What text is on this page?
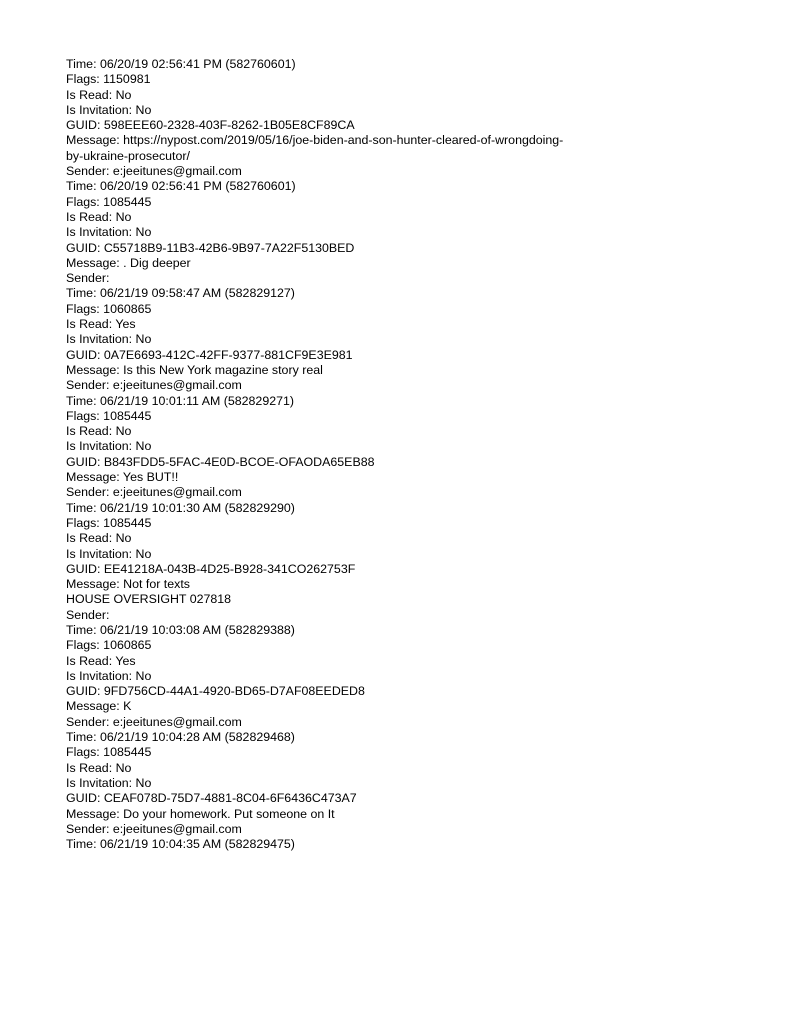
Time: 06/20/19 02:56:41 PM (582760601)
Flags: 1150981
Is Read: No
Is Invitation: No
GUID: 598EEE60-2328-403F-8262-1B05E8CF89CA
Message: https://nypost.com/2019/05/16/joe-biden-and-son-hunter-cleared-of-wrongdoing-
by-ukraine-prosecutor/
Sender: e:jeeitunes@gmail.com
Time: 06/20/19 02:56:41 PM (582760601)
Flags: 1085445
Is Read: No
Is Invitation: No
GUID: C55718B9-11B3-42B6-9B97-7A22F5130BED
Message: . Dig deeper
Sender:
Time: 06/21/19 09:58:47 AM (582829127)
Flags: 1060865
Is Read: Yes
Is Invitation: No
GUID: 0A7E6693-412C-42FF-9377-881CF9E3E981
Message: Is this New York magazine story real
Sender: e:jeeitunes@gmail.com
Time: 06/21/19 10:01:11 AM (582829271)
Flags: 1085445
Is Read: No
Is Invitation: No
GUID: B843FDD5-5FAC-4E0D-BCOE-OFAODA65EB88
Message: Yes BUT!!
Sender: e:jeeitunes@gmail.com
Time: 06/21/19 10:01:30 AM (582829290)
Flags: 1085445
Is Read: No
Is Invitation: No
GUID: EE41218A-043B-4D25-B928-341CO262753F
Message: Not for texts
HOUSE OVERSIGHT 027818
Sender:
Time: 06/21/19 10:03:08 AM (582829388)
Flags: 1060865
Is Read: Yes
Is Invitation: No
GUID: 9FD756CD-44A1-4920-BD65-D7AF08EEDED8
Message: K
Sender: e:jeeitunes@gmail.com
Time: 06/21/19 10:04:28 AM (582829468)
Flags: 1085445
Is Read: No
Is Invitation: No
GUID: CEAF078D-75D7-4881-8C04-6F6436C473A7
Message: Do your homework. Put someone on It
Sender: e:jeeitunes@gmail.com
Time: 06/21/19 10:04:35 AM (582829475)
